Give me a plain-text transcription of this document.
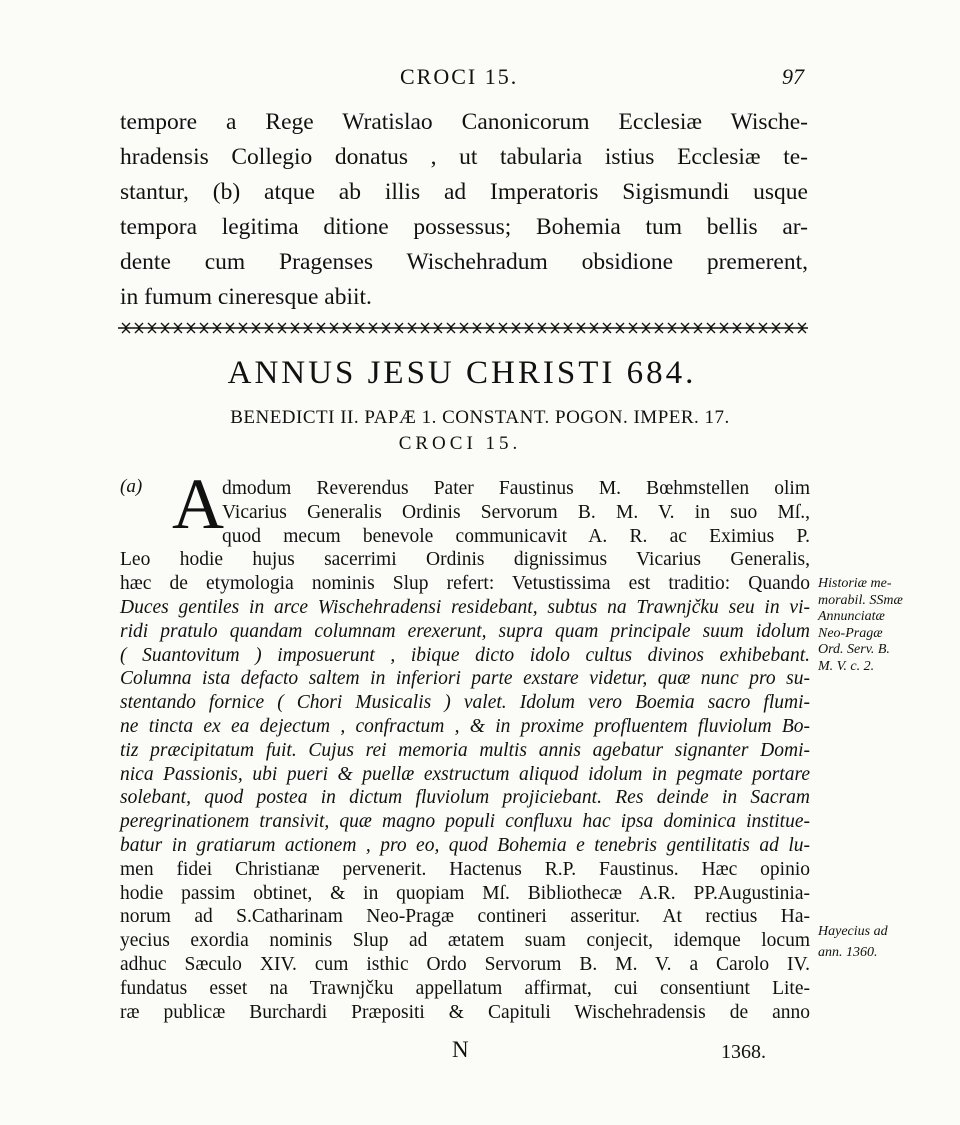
CROCI 15.	97
tempore a Rege Wratislao Canonicorum Ecclesiæ Wische-
hradensis Collegio donatus , ut tabularia istius Ecclesiæ te-
stantur, (b) atque ab illis ad Imperatoris Sigismundi usque
tempora legitima ditione possessus; Bohemia tum bellis ar-
dente cum Pragenses Wischehradum obsidione premerent,
in fumum cineresque abiit.
ANNUS JESU CHRISTI 684.
BENEDICTI II. PAPÆ 1. CONSTANT. POGON. IMPER. 17.
CROCI 15.
(a) A
dmodum Reverendus Pater Faustinus M. Bœhmstellen olim
Vicarius Generalis Ordinis Servorum B. M. V. in suo Mſ.,
quod mecum benevole communicavit A. R. ac Eximius P.
Leo hodie hujus sacerrimi Ordinis dignissimus Vicarius Generalis,
hæc de etymologia nominis Slup refert: Vetustissima est traditio: Quando
Duces gentiles in arce Wischehradensi residebant, subtus na Trawnjčku seu in vi-
ridi pratulo quandam columnam erexerunt, supra quam principale suum idolum
( Suantovitum ) imposuerunt , ibique dicto idolo cultus divinos exhibebant.
Columna ista defacto saltem in inferiori parte exstare videtur, quæ nunc pro su-
stentando fornice ( Chori Musicalis ) valet. Idolum vero Boemia sacro flumi-
ne tincta ex ea dejectum , confractum , & in proxime profluentem fluviolum Bo-
tiz præcipitatum fuit. Cujus rei memoria multis annis agebatur signanter Domi-
nica Passionis, ubi pueri & puellæ exstructum aliquod idolum in pegmate portare
solebant, quod postea in dictum fluviolum projiciebant. Res deinde in Sacram
peregrinationem transivit, quæ magno populi confluxu hac ipsa dominica institue-
batur in gratiarum actionem , pro eo, quod Bohemia e tenebris gentilitatis ad lu-
men fidei Christianæ pervenerit. Hactenus R.P. Faustinus. Hæc opinio
hodie passim obtinet, & in quopiam Mſ. Bibliothecæ A.R. PP.Augustinia-
norum ad S.Catharinam Neo-Pragæ contineri asseritur. At rectius Ha-
yecius exordia nominis Slup ad ætatem suam conjecit, idemque locum
adhuc Sæculo XIV. cum isthic Ordo Servorum B. M. V. a Carolo IV.
fundatus esset na Trawnjčku appellatum affirmat, cui consentiunt Lite-
ræ publicæ Burchardi Præpositi & Capituli Wischehradensis de anno
Historiæ me-
morabil. SSmæ
Annunciatæ
Neo-Pragæ
Ord. Serv. B.
M. V. c. 2.
Hayecius ad
ann. 1360.
N	1368.
